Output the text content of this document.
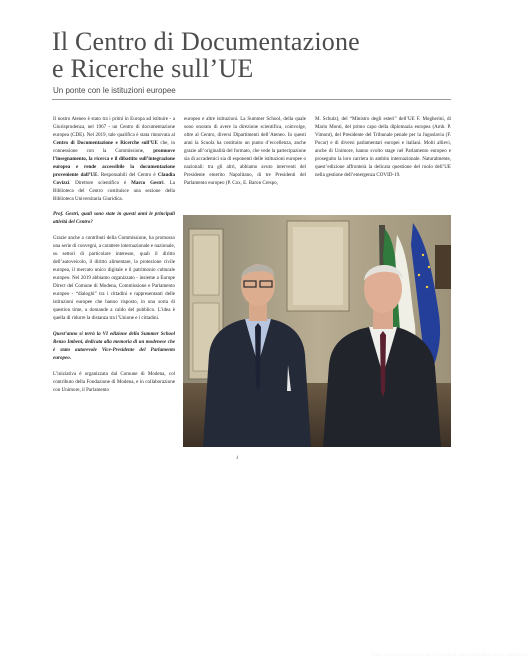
Il Centro di Documentazione
e Ricerche sull’UE
Un ponte con le istituzioni europee

Il nostro Ateneo è stato tra i primi in Europa ad istituire - a Giurisprudenza, nel 1967 - un Centro di documentazione europea (CDE). Nel 2019, tale qualifica è stata rinnovata al Centro di Documentazione e Ricerche sull’UE che, in connessione con la Commissione, promuove l’insegnamento, la ricerca e il dibattito sull’integrazione europea e rende accessibile la documentazione proveniente dall’UE. Responsabili del Centro è Claudia Covizzi. Direttore scientifico è Marco Gestri. La Biblioteca del Centro costituisce una sezione della Biblioteca Universitaria Giuridica.

Prof. Gestri, quali sono state in questi anni le principali attività del Centro?

Grazie anche a contributi della Commissione, ha promosso una serie di convegni, a carattere internazionale e nazionale, su settori di particolare interesse, quali il diritto dell’autoveicolo, il diritto alimentare, la protezione civile europea, il mercato unico digitale e il patrimonio culturale europeo. Nel 2019 abbiamo organizzato - insieme a Europe Direct del Comune di Modena, Commissione e Parlamento europeo - “dialoghi” tra i cittadini e rappresentanti delle istituzioni europee che hanno risposto, in una sorta di question time, a domande a caldo del pubblico. L’idea è quella di ridurre la distanza tra l’Unione e i cittadini.

Quest’anno si terrà la VI edizione della Summer School Renzo Imbeni, dedicata alla memoria di un modenese che è stato autorevole Vice-Presidente del Parlamento europeo.

L’iniziativa è organizzata dal Comune di Modena, col contributo della Fondazione di Modena, e in collaborazione con Unimore, il Parlamento

europeo e altre istituzioni. La Summer School, della quale sono onorato di avere la direzione scientifica, coinvolge, oltre al Centro, diversi Dipartimenti dell’Ateneo. In questi anni la Scuola ha costituito un punto d’eccellenza, anche grazie all’originalità del formato, che vede la partecipazione sia di accademici sia di esponenti delle istituzioni europee o nazionali: tra gli altri, abbiamo avuto interventi del Presidente emerito Napolitano, di tre Presidenti del Parlamento europeo (P. Cox, E. Baron Crespo,

M. Schulz), del “Ministro degli esteri” dell’UE F. Mogherini, di Mario Monti, del primo capo della diplomazia europea (Amb. P. Vimont), del Presidente del Tribunale penale per la Jugoslavia (F. Pocar) e di diversi parlamentari europei e italiani. Molti allievi, anche di Unimore, hanno svolto stage nel Parlamento europeo e proseguito la loro carriera in ambito internazionale. Naturalmente, quest’edizione affronterà la delicata questione del ruolo dell’UE nella gestione dell’emergenza COVID-19.

Il prof. Marco Gestri insieme all’ex Presidente della Repubblica Giorgio Napolitano
4
